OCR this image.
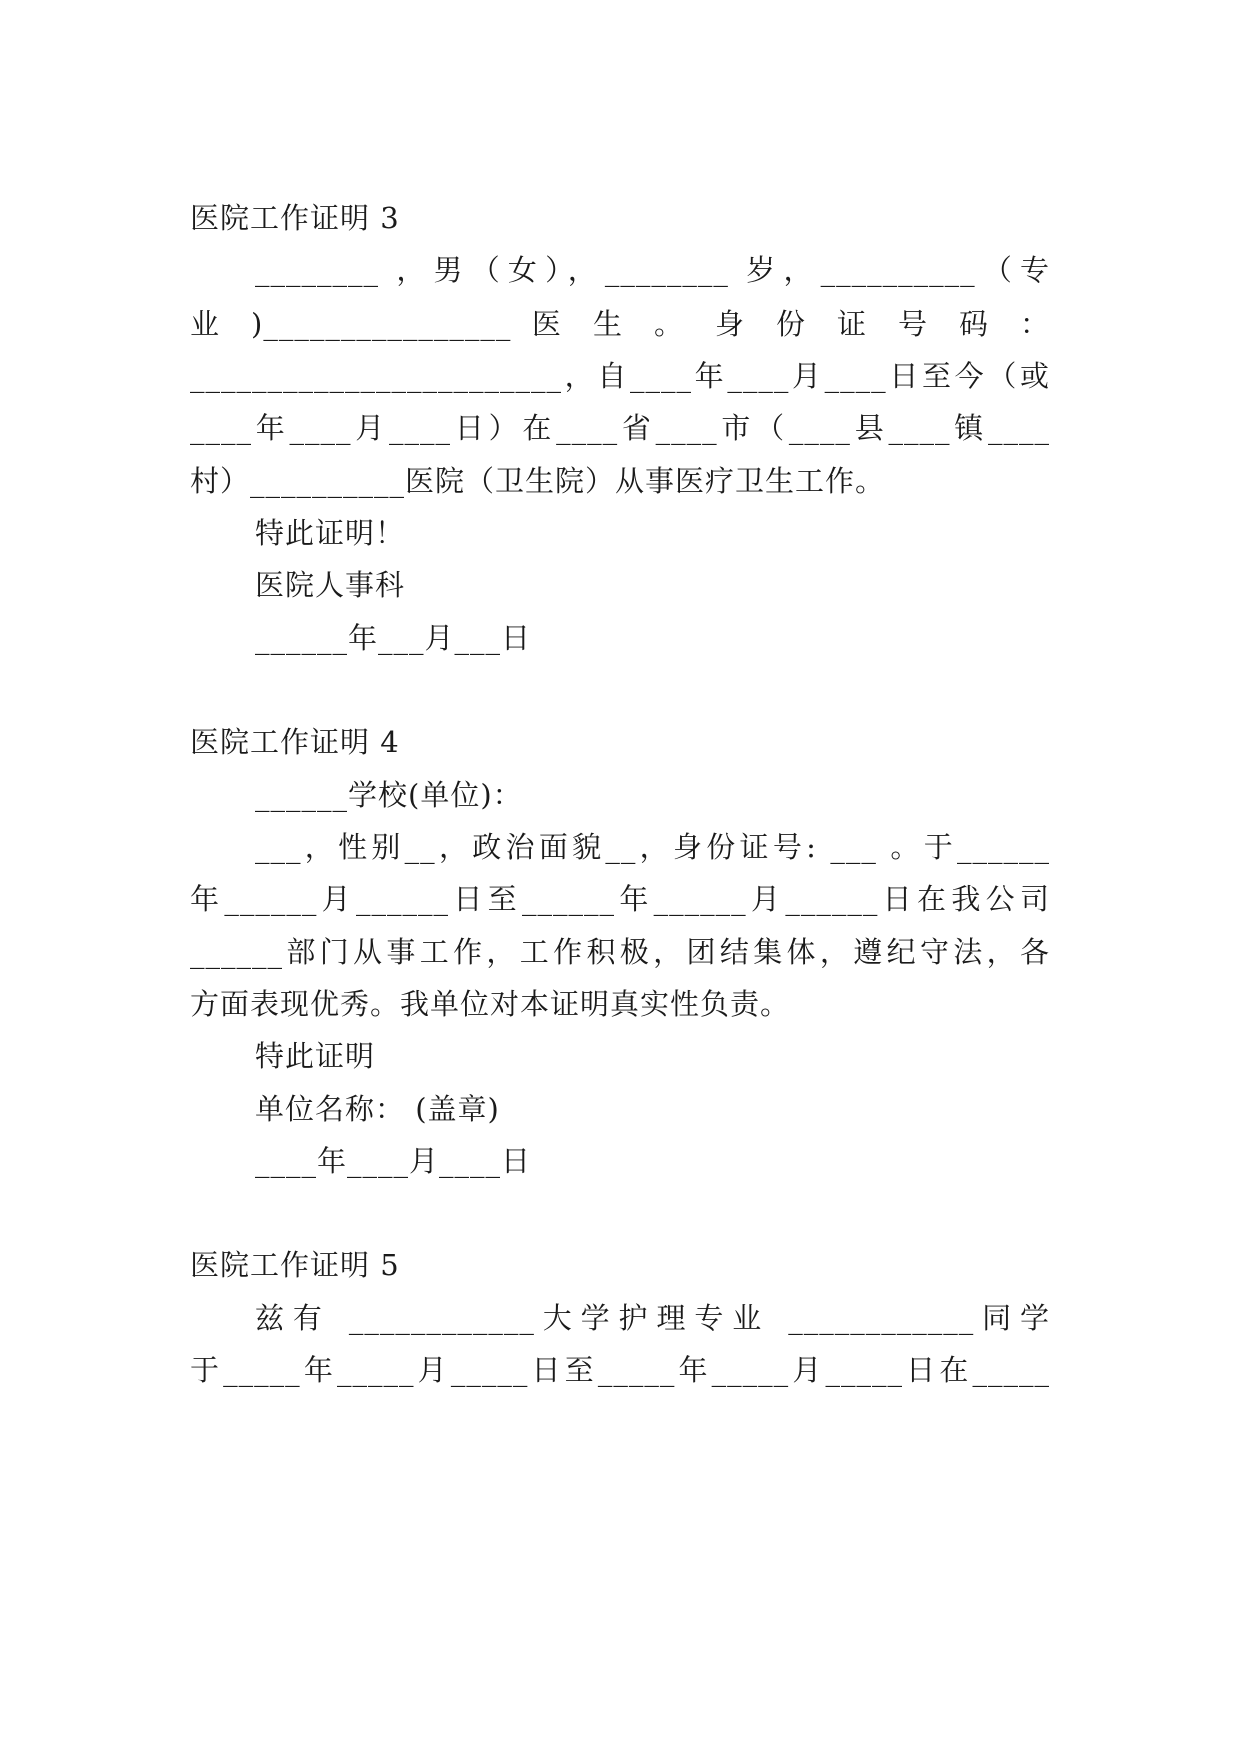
医院工作证明 3
________ ，男（女），________ 岁，__________（专
业 )________________ 医 生 。 身 份 证 号 码 ：
________________________，自____年____月____日至今（或
____年____月____日）在____省____市（____县____镇____
村）__________医院（卫生院）从事医疗卫生工作。
特此证明！
医院人事科
______年___月___日
医院工作证明 4
______学校(单位)：
___，性别__，政治面貌__，身份证号: ___ 。于______
年______月______日至______年______月______日在我公司
______部门从事工作，工作积极，团结集体，遵纪守法，各
方面表现优秀。我单位对本证明真实性负责。
特此证明
单位名称： (盖章)
____年____月____日
医院工作证明 5
兹有 ____________大学护理专业 ____________同学
于_____年_____月_____日至_____年_____月_____日在_____
